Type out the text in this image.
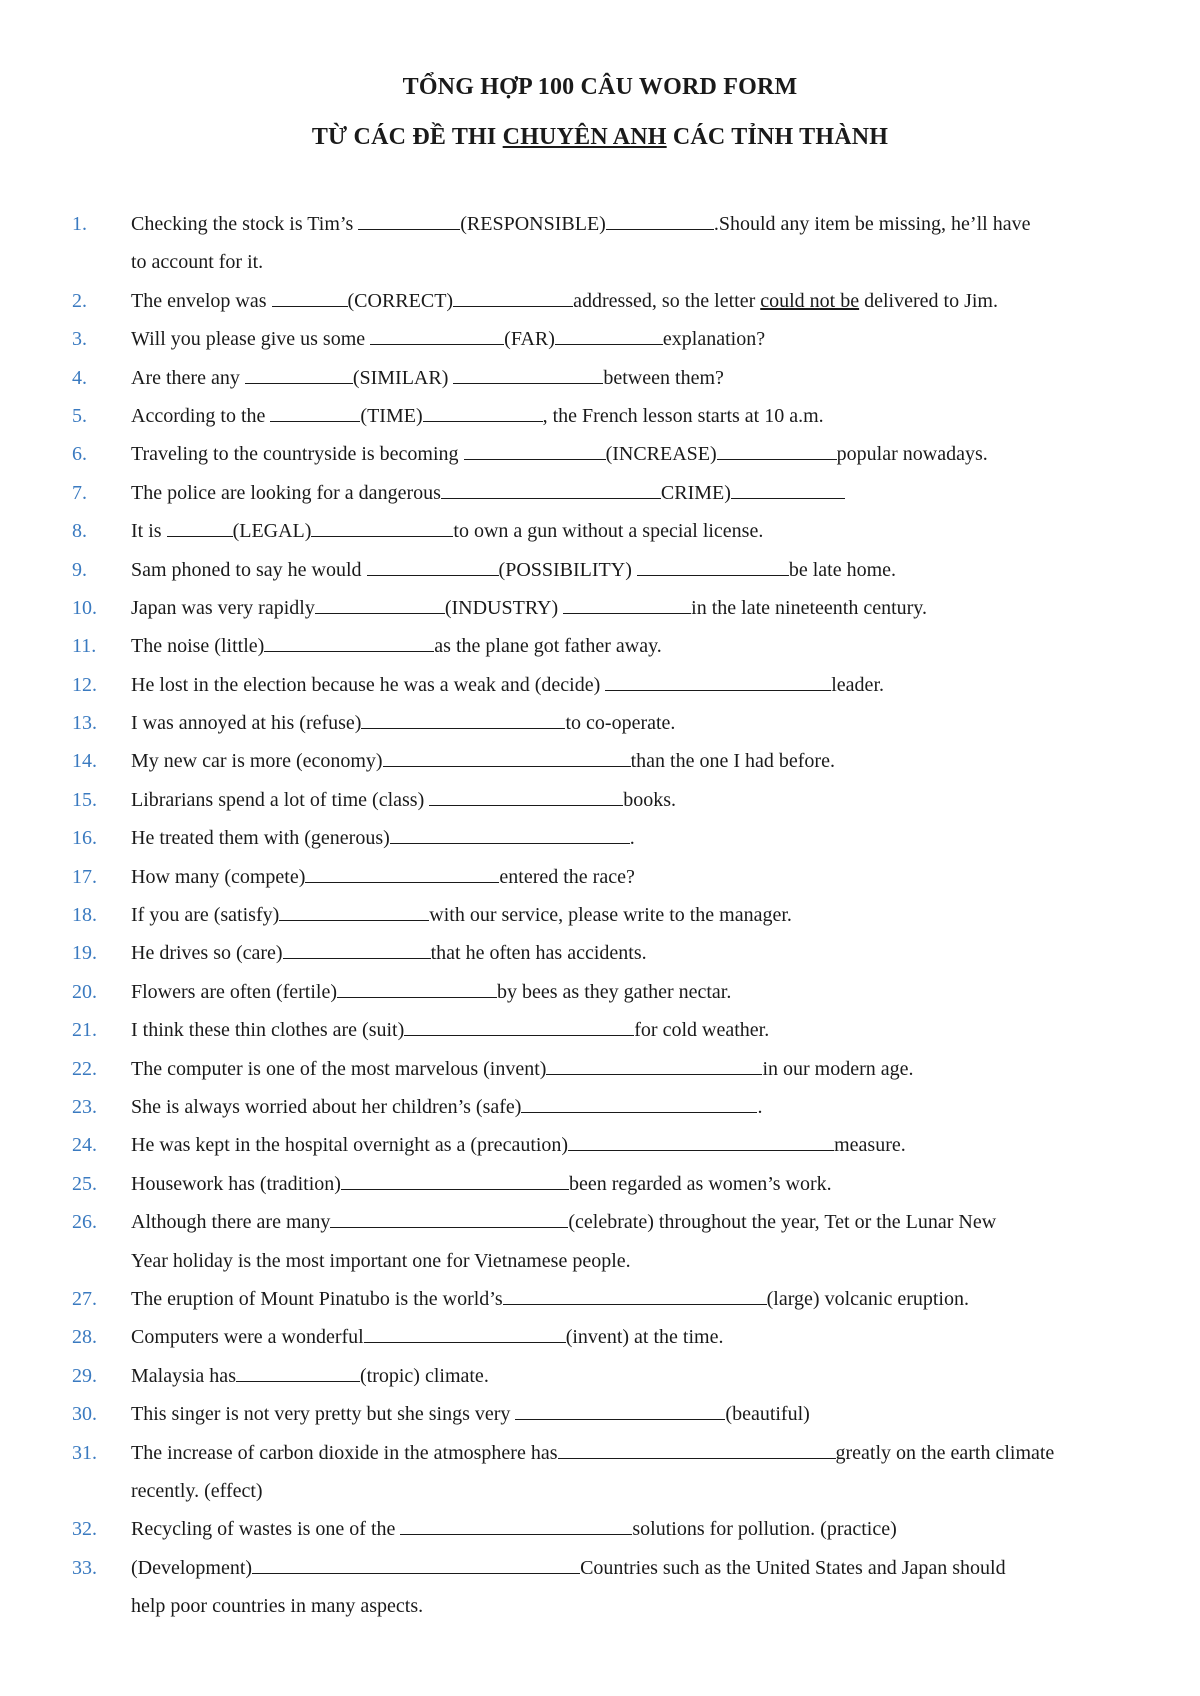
TỔNG HỢP 100 CÂU WORD FORM
TỪ CÁC ĐỀ THI CHUYÊN ANH CÁC TỈNH THÀNH
1. Checking the stock is Tim’s	(RESPONSIBLE)	.Should any item be missing, he’ll have
to account for it.
2. The envelop was	(CORRECT)	addressed, so the letter could not be delivered to Jim.
3. Will you please give us some	(FAR)	explanation?
4. Are there any	(SIMILAR)	between them?
5. According to the	(TIME)	, the French lesson starts at 10 a.m.
6. Traveling to the countryside is becoming	(INCREASE)	popular nowadays.
7. The police are looking for a dangerous	CRIME)
8. It is	(LEGAL)	to own a gun without a special license.
9. Sam phoned to say he would	(POSSIBILITY)	be late home.
10. Japan was very rapidly	(INDUSTRY)	in the late nineteenth century.
11. The noise (little)	as the plane got father away.
12. He lost in the election because he was a weak and (decide)	leader.
13. I was annoyed at his (refuse)	to co-operate.
14. My new car is more (economy)	than the one I had before.
15. Librarians spend a lot of time (class)	books.
16. He treated them with (generous)	.
17. How many (compete)	entered the race?
18. If you are (satisfy)	with our service, please write to the manager.
19. He drives so (care)	that he often has accidents.
20. Flowers are often (fertile)	by bees as they gather nectar.
21. I think these thin clothes are (suit)	for cold weather.
22. The computer is one of the most marvelous (invent)	in our modern age.
23. She is always worried about her children’s (safe)	.
24. He was kept in the hospital overnight as a (precaution)	measure.
25. Housework has (tradition)	been regarded as women’s work.
26. Although there are many	(celebrate) throughout the year, Tet or the Lunar New
Year holiday is the most important one for Vietnamese people.
27. The eruption of Mount Pinatubo is the world’s	(large) volcanic eruption.
28. Computers were a wonderful	(invent) at the time.
29. Malaysia has	(tropic) climate.
30. This singer is not very pretty but she sings very	(beautiful)
31. The increase of carbon dioxide in the atmosphere has	greatly on the earth climate
recently. (effect)
32. Recycling of wastes is one of the	solutions for pollution. (practice)
33. (Development)	Countries such as the United States and Japan should
help poor countries in many aspects.
